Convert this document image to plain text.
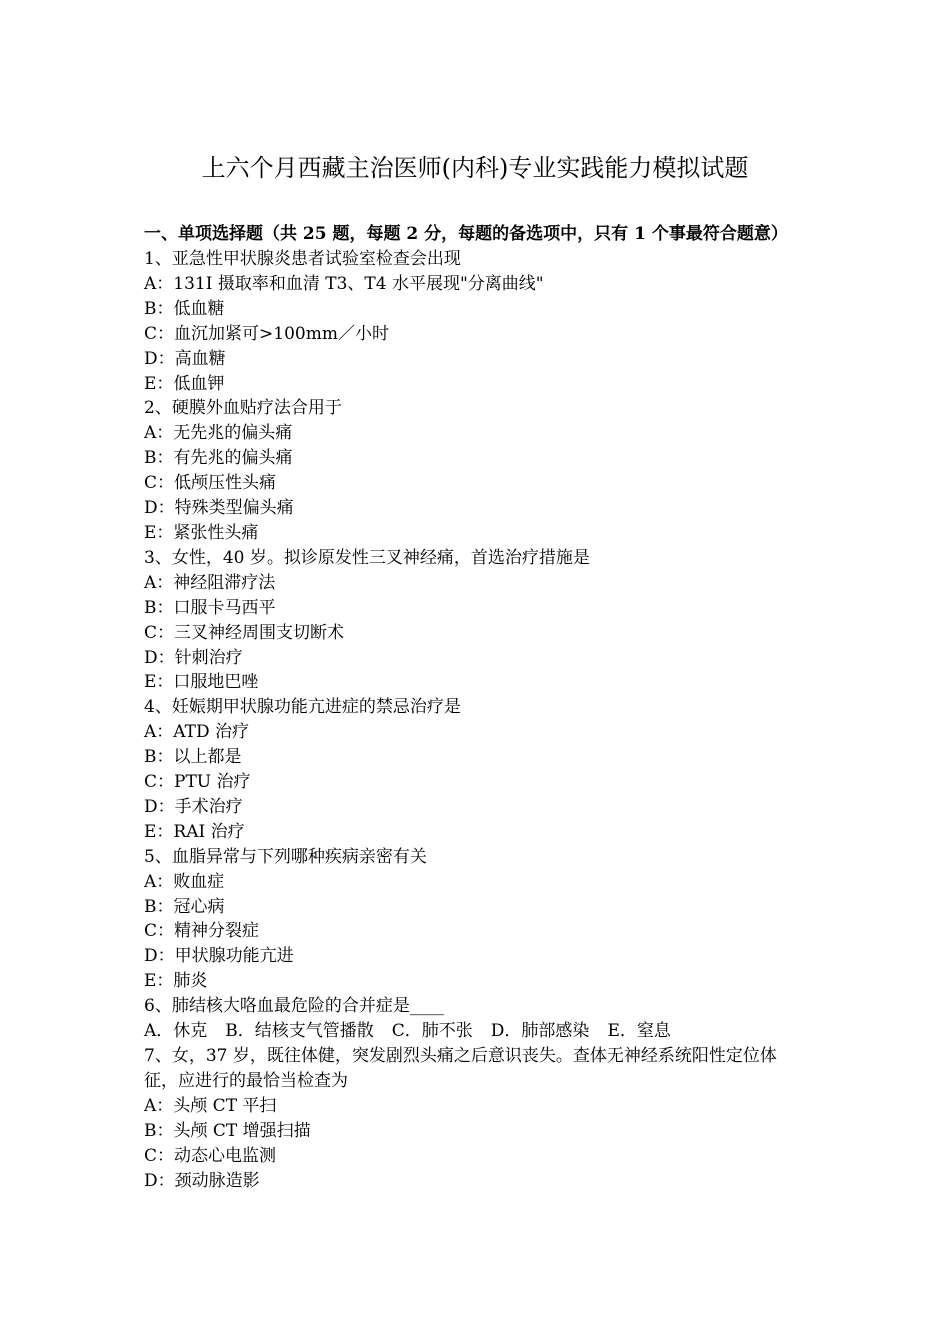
上六个月西藏主治医师(内科)专业实践能力模拟试题
一、单项选择题（共 25 题，每题 2 分，每题的备选项中，只有 1 个事最符合题意）
1、亚急性甲状腺炎患者试验室检查会出现
A：131I 摄取率和血清 T3、T4 水平展现"分离曲线"
B：低血糖
C：血沉加紧可>100mm／小时
D：高血糖
E：低血钾
2、硬膜外血贴疗法合用于
A：无先兆的偏头痛
B：有先兆的偏头痛
C：低颅压性头痛
D：特殊类型偏头痛
E：紧张性头痛
3、女性，40 岁。拟诊原发性三叉神经痛，首选治疗措施是
A：神经阻滞疗法
B：口服卡马西平
C：三叉神经周围支切断术
D：针刺治疗
E：口服地巴唑
4、妊娠期甲状腺功能亢进症的禁忌治疗是
A：ATD 治疗
B：以上都是
C：PTU 治疗
D：手术治疗
E：RAI 治疗
5、血脂异常与下列哪种疾病亲密有关
A：败血症
B：冠心病
C：精神分裂症
D：甲状腺功能亢进
E：肺炎
6、肺结核大咯血最危险的合并症是____
A．休克 B．结核支气管播散 C．肺不张 D．肺部感染 E．窒息
7、女，37 岁，既往体健，突发剧烈头痛之后意识丧失。查体无神经系统阳性定位体征，应进行的最恰当检查为
A：头颅 CT 平扫
B：头颅 CT 增强扫描
C：动态心电监测
D：颈动脉造影
